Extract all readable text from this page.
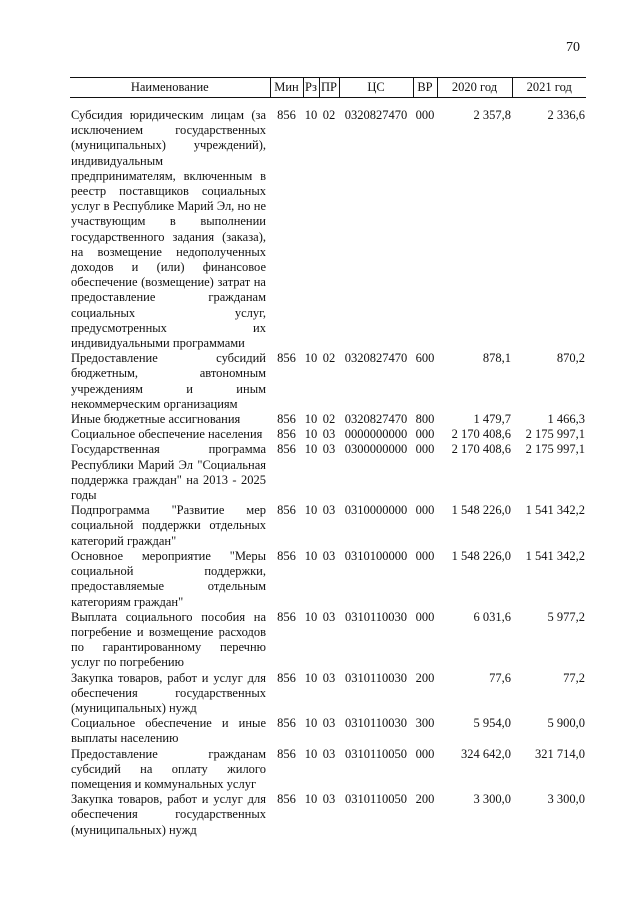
70
Наименование	Мин	Рз	ПР	ЦС	ВР	2020 год	2021 год
Субсидия юридическим лицам (за исключением государственных (муниципальных) учреждений), индивидуальным предпринимателям, включенным в реестр поставщиков социальных услуг в Республике Марий Эл, но не участвующим в выполнении государственного задания (заказа), на возмещение недополученных доходов и (или) финансовое обеспечение (возмещение) затрат на предоставление гражданам социальных услуг, предусмотренных их индивидуальными программами	856	10	02	0320827470	000	2 357,8	2 336,6
Предоставление субсидий бюджетным, автономным учреждениям и иным некоммерческим организациям	856	10	02	0320827470	600	878,1	870,2
Иные бюджетные ассигнования	856	10	02	0320827470	800	1 479,7	1 466,3
Социальное обеспечение населения	856	10	03	0000000000	000	2 170 408,6	2 175 997,1
Государственная программа Республики Марий Эл "Социальная поддержка граждан" на 2013 - 2025 годы	856	10	03	0300000000	000	2 170 408,6	2 175 997,1
Подпрограмма "Развитие мер социальной поддержки отдельных категорий граждан"	856	10	03	0310000000	000	1 548 226,0	1 541 342,2
Основное мероприятие "Меры социальной поддержки, предоставляемые отдельным категориям граждан"	856	10	03	0310100000	000	1 548 226,0	1 541 342,2
Выплата социального пособия на погребение и возмещение расходов по гарантированному перечню услуг по погребению	856	10	03	0310110030	000	6 031,6	5 977,2
Закупка товаров, работ и услуг для обеспечения государственных (муниципальных) нужд	856	10	03	0310110030	200	77,6	77,2
Социальное обеспечение и иные выплаты населению	856	10	03	0310110030	300	5 954,0	5 900,0
Предоставление гражданам субсидий на оплату жилого помещения и коммунальных услуг	856	10	03	0310110050	000	324 642,0	321 714,0
Закупка товаров, работ и услуг для обеспечения государственных (муниципальных) нужд	856	10	03	0310110050	200	3 300,0	3 300,0
